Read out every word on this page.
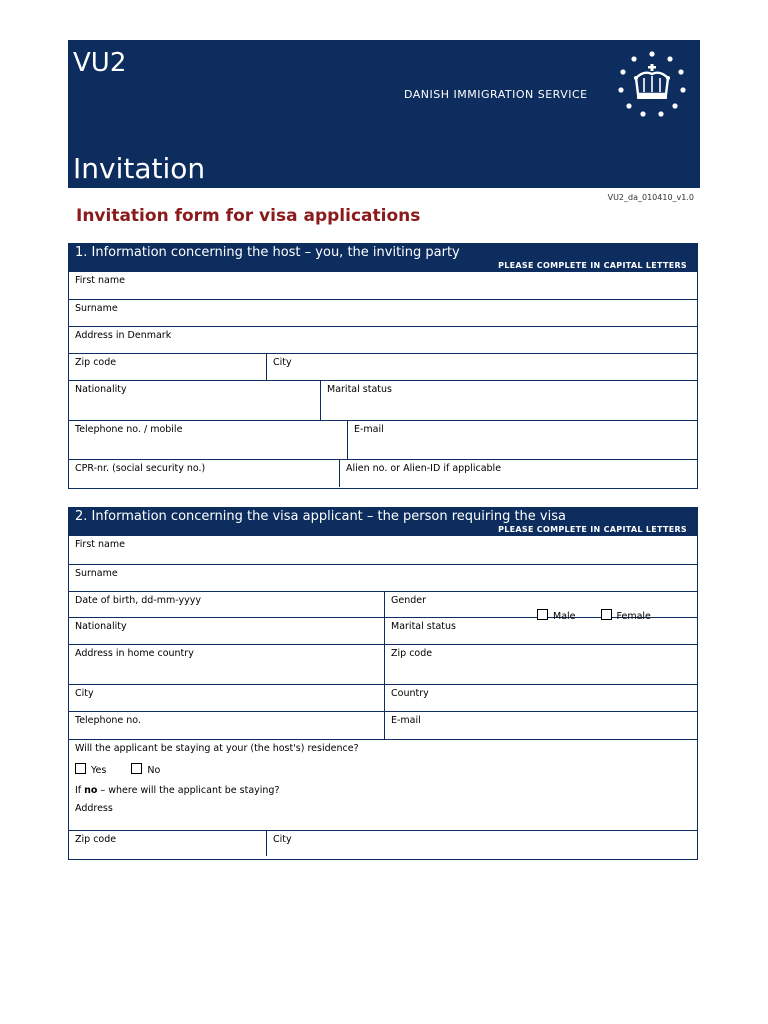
VU2
DANISH IMMIGRATION SERVICE
Invitation
VU2_da_010410_v1.0
Invitation form for visa applications
1. Information concerning the host – you, the inviting party
PLEASE COMPLETE IN CAPITAL LETTERS
First name
Surname
Address in Denmark
Zip code	City
Nationality	Marital status
Telephone no. / mobile	E-mail
CPR-nr. (social security no.)	Alien no. or Alien-ID if applicable
2. Information concerning the visa applicant – the person requiring the visa
PLEASE COMPLETE IN CAPITAL LETTERS
First name
Surname
Date of birth, dd-mm-yyyy	Gender
Male	Female
Nationality	Marital status
Address in home country	Zip code
City	Country
Telephone no.	E-mail
Will the applicant be staying at your (the host's) residence?
Yes	No
If no – where will the applicant be staying?
Address
Zip code	City
